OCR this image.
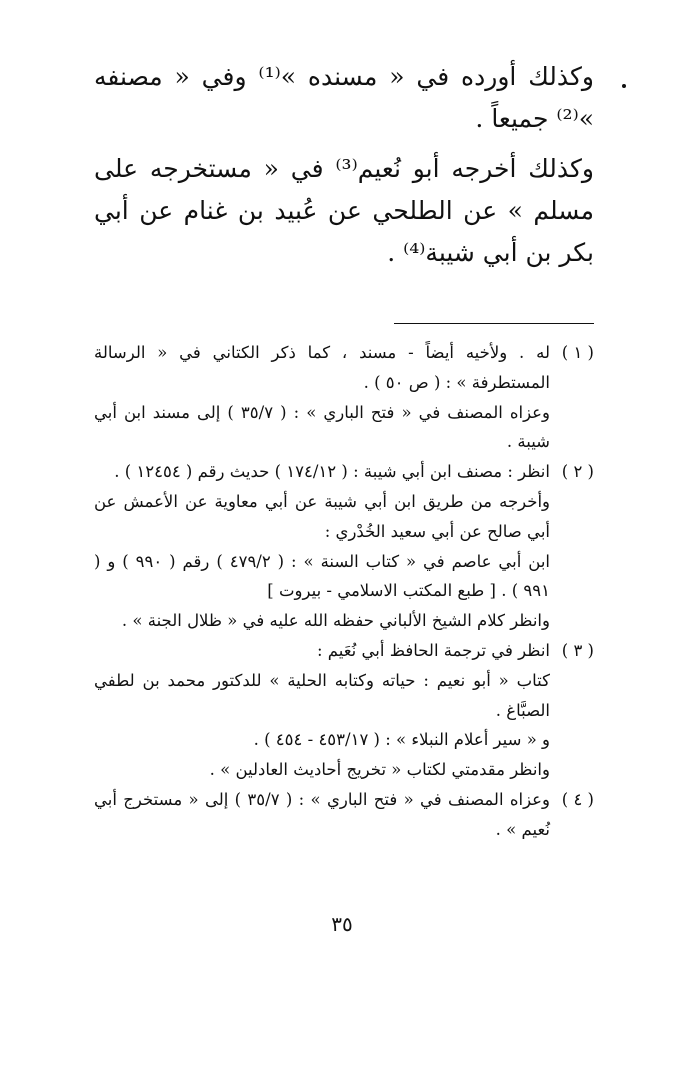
وكذلك أورده في « مسنده »⁽¹⁾ وفي « مصنفه »⁽²⁾ جميعاً .

وكذلك أخرجه أبو نُعيم⁽³⁾ في « مستخرجه على مسلم » عن الطلحي عن عُبيد بن غنام عن أبي بكر بن أبي شيبة⁽⁴⁾ .

( ١ )
له . ولأخيه أيضاً - مسند ، كما ذكر الكتاني في « الرسالة المستطرفة » : ( ص ٥٠ ) .
وعزاه المصنف في « فتح الباري » : ( ٣٥/٧ ) إلى مسند ابن أبي شيبة .
( ٢ )
انظر : مصنف ابن أبي شيبة : ( ١٧٤/١٢ ) حديث رقم ( ١٢٤٥٤ ) .
وأخرجه من طريق ابن أبي شيبة عن أبي معاوية عن الأعمش عن أبي صالح عن أبي سعيد الخُدْري :
ابن أبي عاصم في « كتاب السنة » : ( ٤٧٩/٢ ) رقم ( ٩٩٠ ) و ( ٩٩١ ) . [ طبع المكتب الاسلامي - بيروت ]
وانظر كلام الشيخ الألباني حفظه الله عليه في « ظلال الجنة » .
( ٣ )
انظر في ترجمة الحافظ أبي نُعَيم :
كتاب « أبو نعيم : حياته وكتابه الحلية » للدكتور محمد بن لطفي الصبَّاغ .
و « سير أعلام النبلاء » : ( ٤٥٣/١٧ - ٤٥٤ ) .
وانظر مقدمتي لكتاب « تخريج أحاديث العادلين » .
( ٤ )
وعزاه المصنف في « فتح الباري » : ( ٣٥/٧ ) إلى « مستخرج أبي نُعيم » .
٣٥
